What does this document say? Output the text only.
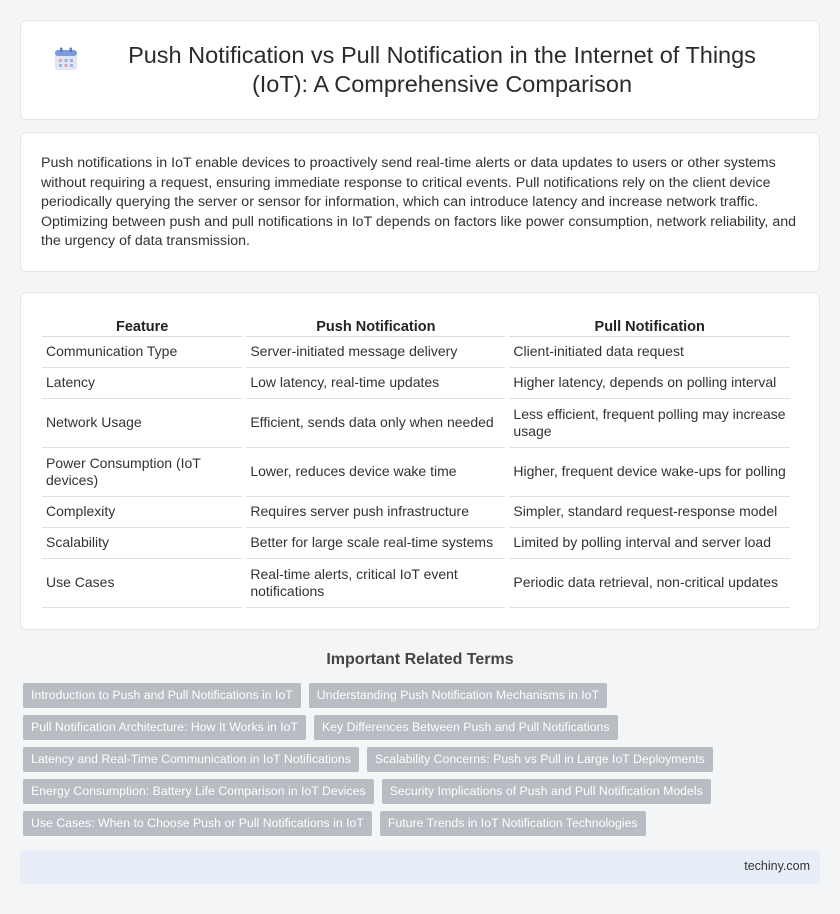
Push Notification vs Pull Notification in the Internet of Things (IoT): A Comprehensive Comparison

Push notifications in IoT enable devices to proactively send real-time alerts or data updates to users or other systems without requiring a request, ensuring immediate response to critical events. Pull notifications rely on the client device periodically querying the server or sensor for information, which can introduce latency and increase network traffic. Optimizing between push and pull notifications in IoT depends on factors like power consumption, network reliability, and the urgency of data transmission.

Feature	Push Notification	Pull Notification
Communication Type	Server-initiated message delivery	Client-initiated data request
Latency	Low latency, real-time updates	Higher latency, depends on polling interval
Network Usage	Efficient, sends data only when needed	Less efficient, frequent polling may increase usage
Power Consumption (IoT devices)	Lower, reduces device wake time	Higher, frequent device wake-ups for polling
Complexity	Requires server push infrastructure	Simpler, standard request-response model
Scalability	Better for large scale real-time systems	Limited by polling interval and server load
Use Cases	Real-time alerts, critical IoT event notifications	Periodic data retrieval, non-critical updates
Important Related Terms
Introduction to Push and Pull Notifications in IoT	Understanding Push Notification Mechanisms in IoT
Pull Notification Architecture: How It Works in IoT	Key Differences Between Push and Pull Notifications
Latency and Real-Time Communication in IoT Notifications	Scalability Concerns: Push vs Pull in Large IoT Deployments
Energy Consumption: Battery Life Comparison in IoT Devices	Security Implications of Push and Pull Notification Models
Use Cases: When to Choose Push or Pull Notifications in IoT	Future Trends in IoT Notification Technologies
techiny.com
